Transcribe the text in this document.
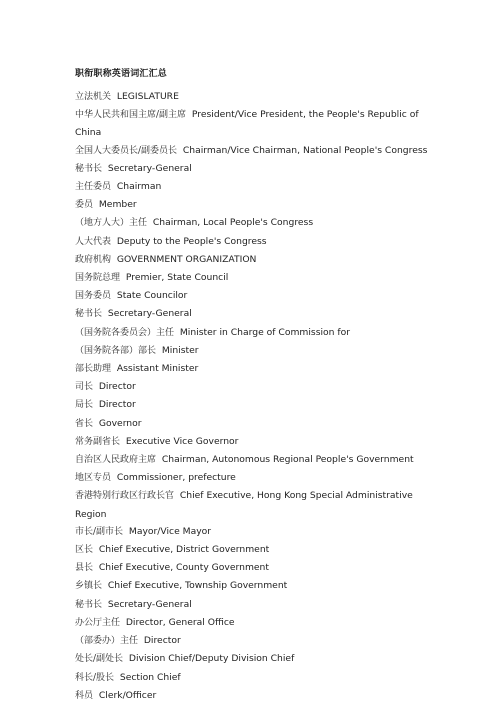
职衔职称英语词汇汇总
立法机关 LEGISLATURE
中华人民共和国主席/副主席 President/Vice President, the People's Republic of China
全国人大委员长/副委员长 Chairman/Vice Chairman, National People's Congress
秘书长 Secretary-General
主任委员 Chairman
委员 Member
（地方人大）主任 Chairman, Local People's Congress
人大代表 Deputy to the People's Congress
政府机构 GOVERNMENT ORGANIZATION
国务院总理 Premier, State Council
国务委员 State Councilor
秘书长 Secretary-General
（国务院各委员会）主任 Minister in Charge of Commission for
（国务院各部）部长 Minister
部长助理 Assistant Minister
司长 Director
局长 Director
省长 Governor
常务副省长 Executive Vice Governor
自治区人民政府主席 Chairman, Autonomous Regional People's Government
地区专员 Commissioner, prefecture
香港特别行政区行政长官 Chief Executive, Hong Kong Special Administrative Region
市长/副市长 Mayor/Vice Mayor
区长 Chief Executive, District Government
县长 Chief Executive, County Government
乡镇长 Chief Executive, Township Government
秘书长 Secretary-General
办公厅主任 Director, General Office
（部委办）主任 Director
处长/副处长 Division Chief/Deputy Division Chief
科长/股长 Section Chief
科员 Clerk/Officer
